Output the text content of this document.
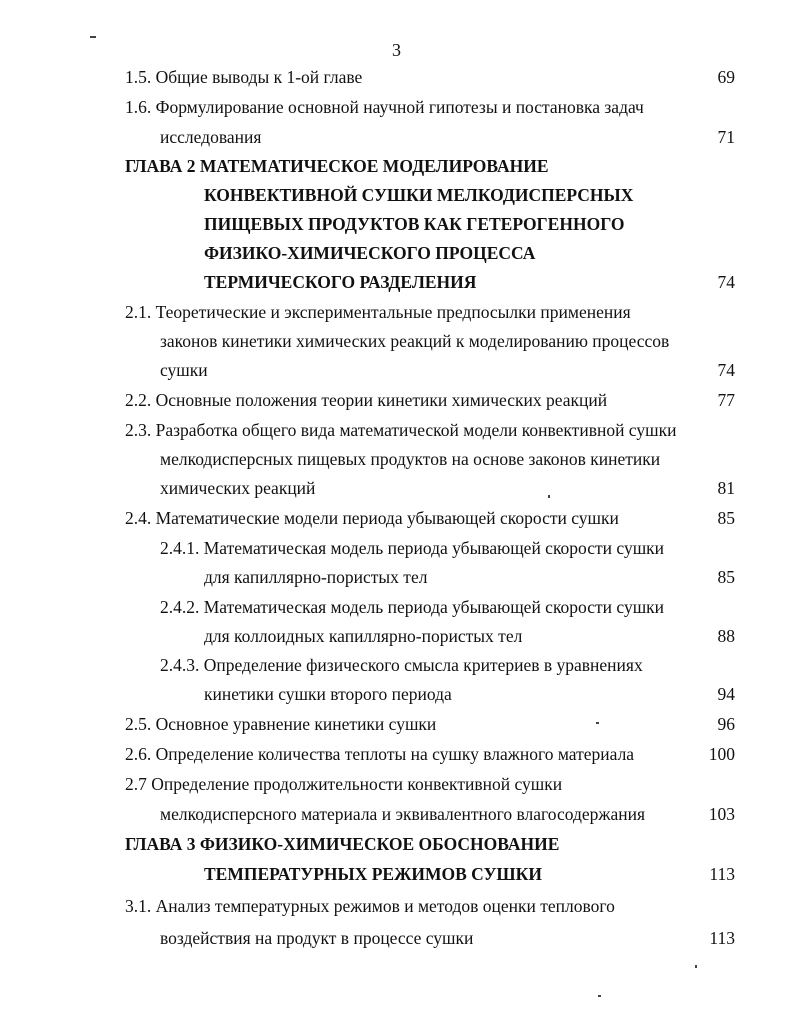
3
1.5. Общие выводы к 1-ой главе	69
1.6. Формулирование основной научной гипотезы и постановка задач
исследования	71
ГЛАВА 2 МАТЕМАТИЧЕСКОЕ МОДЕЛИРОВАНИЕ
КОНВЕКТИВНОЙ СУШКИ МЕЛКОДИСПЕРСНЫХ
ПИЩЕВЫХ ПРОДУКТОВ КАК ГЕТЕРОГЕННОГО
ФИЗИКО-ХИМИЧЕСКОГО ПРОЦЕССА
ТЕРМИЧЕСКОГО РАЗДЕЛЕНИЯ	74
2.1. Теоретические и экспериментальные предпосылки применения
законов кинетики химических реакций к моделированию процессов
сушки	74
2.2. Основные положения теории кинетики химических реакций	77
2.3. Разработка общего вида математической модели конвективной сушки
мелкодисперсных пищевых продуктов на основе законов кинетики
химических реакций	81
2.4. Математические модели периода убывающей скорости сушки	85
2.4.1. Математическая модель периода убывающей скорости сушки
для капиллярно-пористых тел	85
2.4.2. Математическая модель периода убывающей скорости сушки
для коллоидных капиллярно-пористых тел	88
2.4.3. Определение физического смысла критериев в уравнениях
кинетики сушки второго периода	94
2.5. Основное уравнение кинетики сушки	96
2.6. Определение количества теплоты на сушку влажного материала	100
2.7 Определение продолжительности конвективной сушки
мелкодисперсного материала и эквивалентного влагосодержания	103
ГЛАВА 3 ФИЗИКО-ХИМИЧЕСКОЕ ОБОСНОВАНИЕ
ТЕМПЕРАТУРНЫХ РЕЖИМОВ СУШКИ	113
3.1. Анализ температурных режимов и методов оценки теплового
воздействия на продукт в процессе сушки	113
